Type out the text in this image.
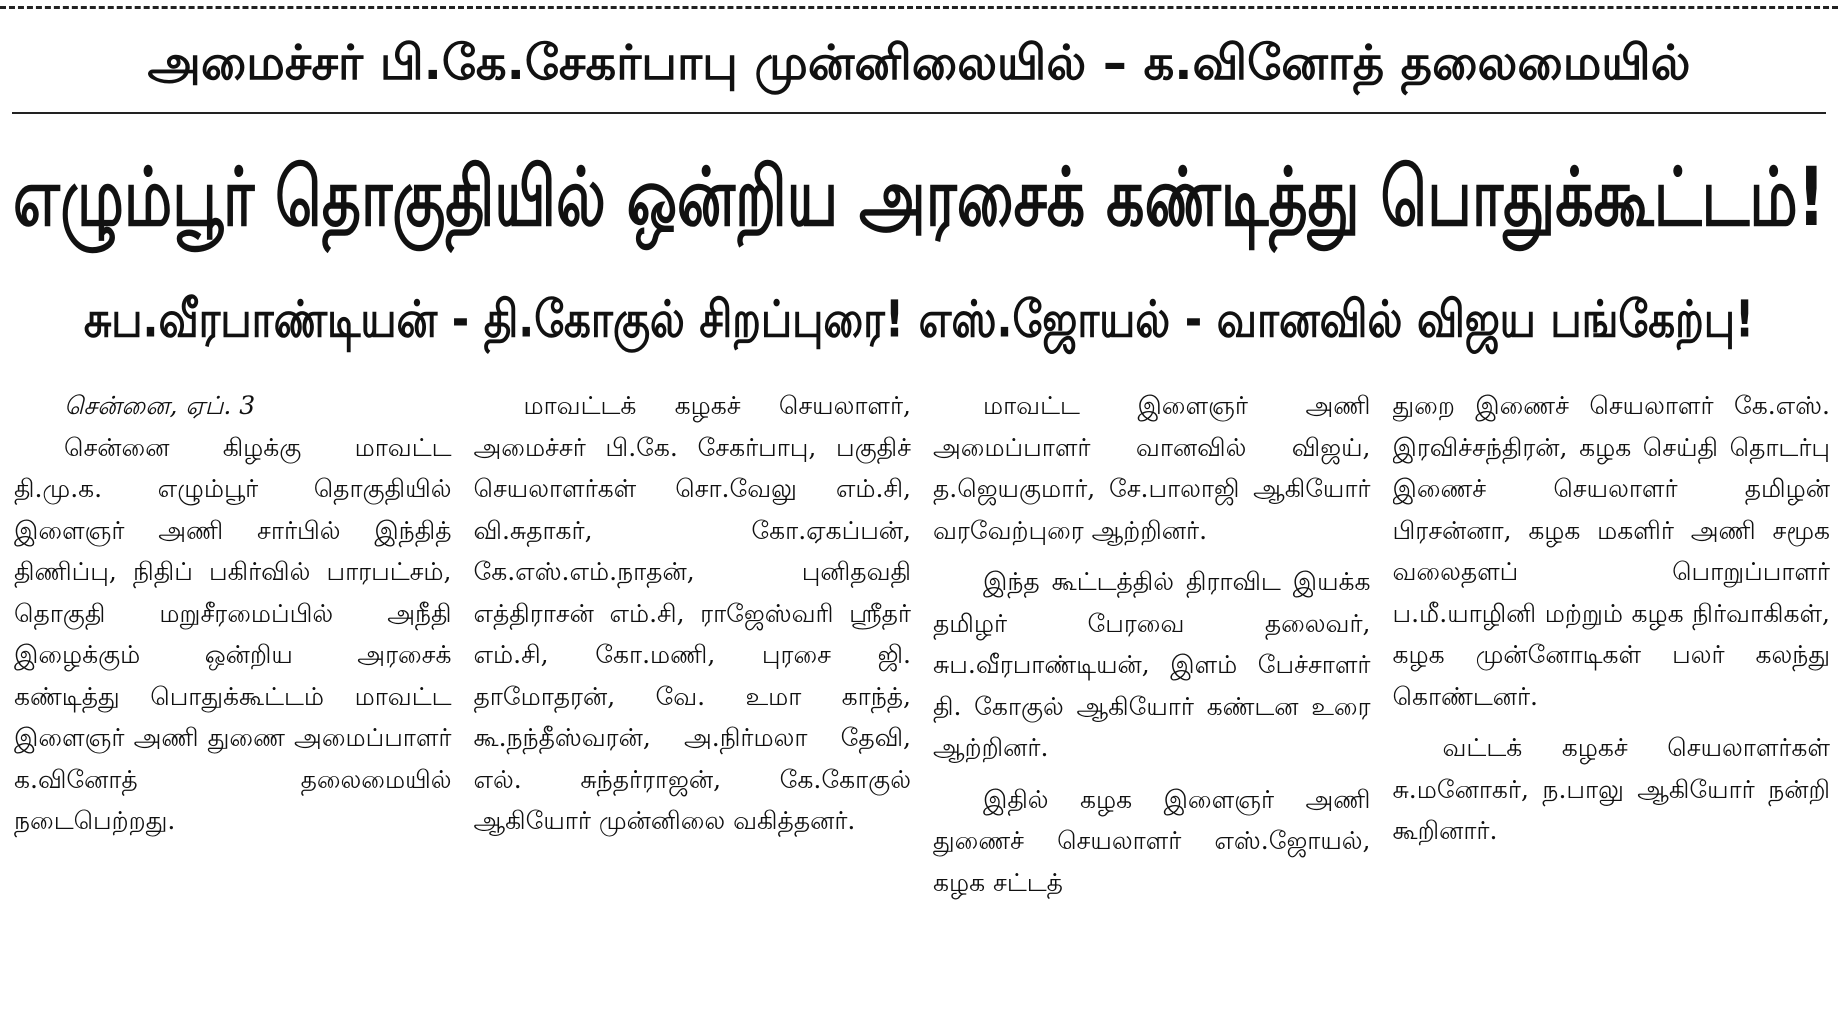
அமைச்சர் பி.கே.சேகர்பாபு முன்னிலையில் – க.வினோத் தலைமையில்
எழும்பூர் தொகுதியில் ஒன்றிய அரசைக் கண்டித்து பொதுக்கூட்டம்!
சுப.வீரபாண்டியன் - தி.கோகுல் சிறப்புரை! எஸ்.ஜோயல் - வானவில் விஜய பங்கேற்பு!
சென்னை, ஏப். 3

சென்னை கிழக்கு மாவட்ட தி.மு.க. எழும்பூர் தொகுதியில் இளைஞர் அணி சார்பில் இந்தித் திணிப்பு, நிதிப் பகிர்வில் பாரபட்சம், தொகுதி மறுசீரமைப்பில் அநீதி இழைக்கும் ஒன்றிய அரசைக் கண்டித்து பொதுக்கூட்டம் மாவட்ட இளைஞர் அணி துணை அமைப்பாளர் க.வினோத் தலைமையில் நடைபெற்றது.

மாவட்டக் கழகச் செயலாளர், அமைச்சர் பி.கே. சேகர்பாபு, பகுதிச் செயலாளர்கள் சொ.வேலு எம்.சி, வி.சுதாகர், கோ.ஏகப்பன், கே.எஸ்.எம்.நாதன், புனிதவதி எத்திராசன் எம்.சி, ராஜேஸ்வரி ஸ்ரீதர் எம்.சி, கோ.மணி, புரசை ஜி. தாமோதரன், வே. உமா காந்த், கூ.நந்தீஸ்வரன், அ.நிர்மலா தேவி, எல். சுந்தர்ராஜன், கே.கோகுல் ஆகியோர் முன்னிலை வகித்தனர்.

மாவட்ட இளைஞர் அணி அமைப்பாளர் வானவில் விஜய், த.ஜெயகுமார், சே.பாலாஜி ஆகியோர் வரவேற்புரை ஆற்றினர்.

இந்த கூட்டத்தில் திராவிட இயக்க தமிழர் பேரவை தலைவர், சுப.வீரபாண்டியன், இளம் பேச்சாளர் தி. கோகுல் ஆகியோர் கண்டன உரை ஆற்றினர்.

இதில் கழக இளைஞர் அணி துணைச் செயலாளர் எஸ்.ஜோயல், கழக சட்டத்

துறை இணைச் செயலாளர் கே.எஸ். இரவிச்சந்திரன், கழக செய்தி தொடர்பு இணைச் செயலாளர் தமிழன் பிரசன்னா, கழக மகளிர் அணி சமூக வலைதளப் பொறுப்பாளர் ப.மீ.யாழினி மற்றும் கழக நிர்வாகிகள், கழக முன்னோடிகள் பலர் கலந்து கொண்டனர்.

வட்டக் கழகச் செயலாளர்கள் சு.மனோகர், ந.பாலு ஆகியோர் நன்றி கூறினார்.
